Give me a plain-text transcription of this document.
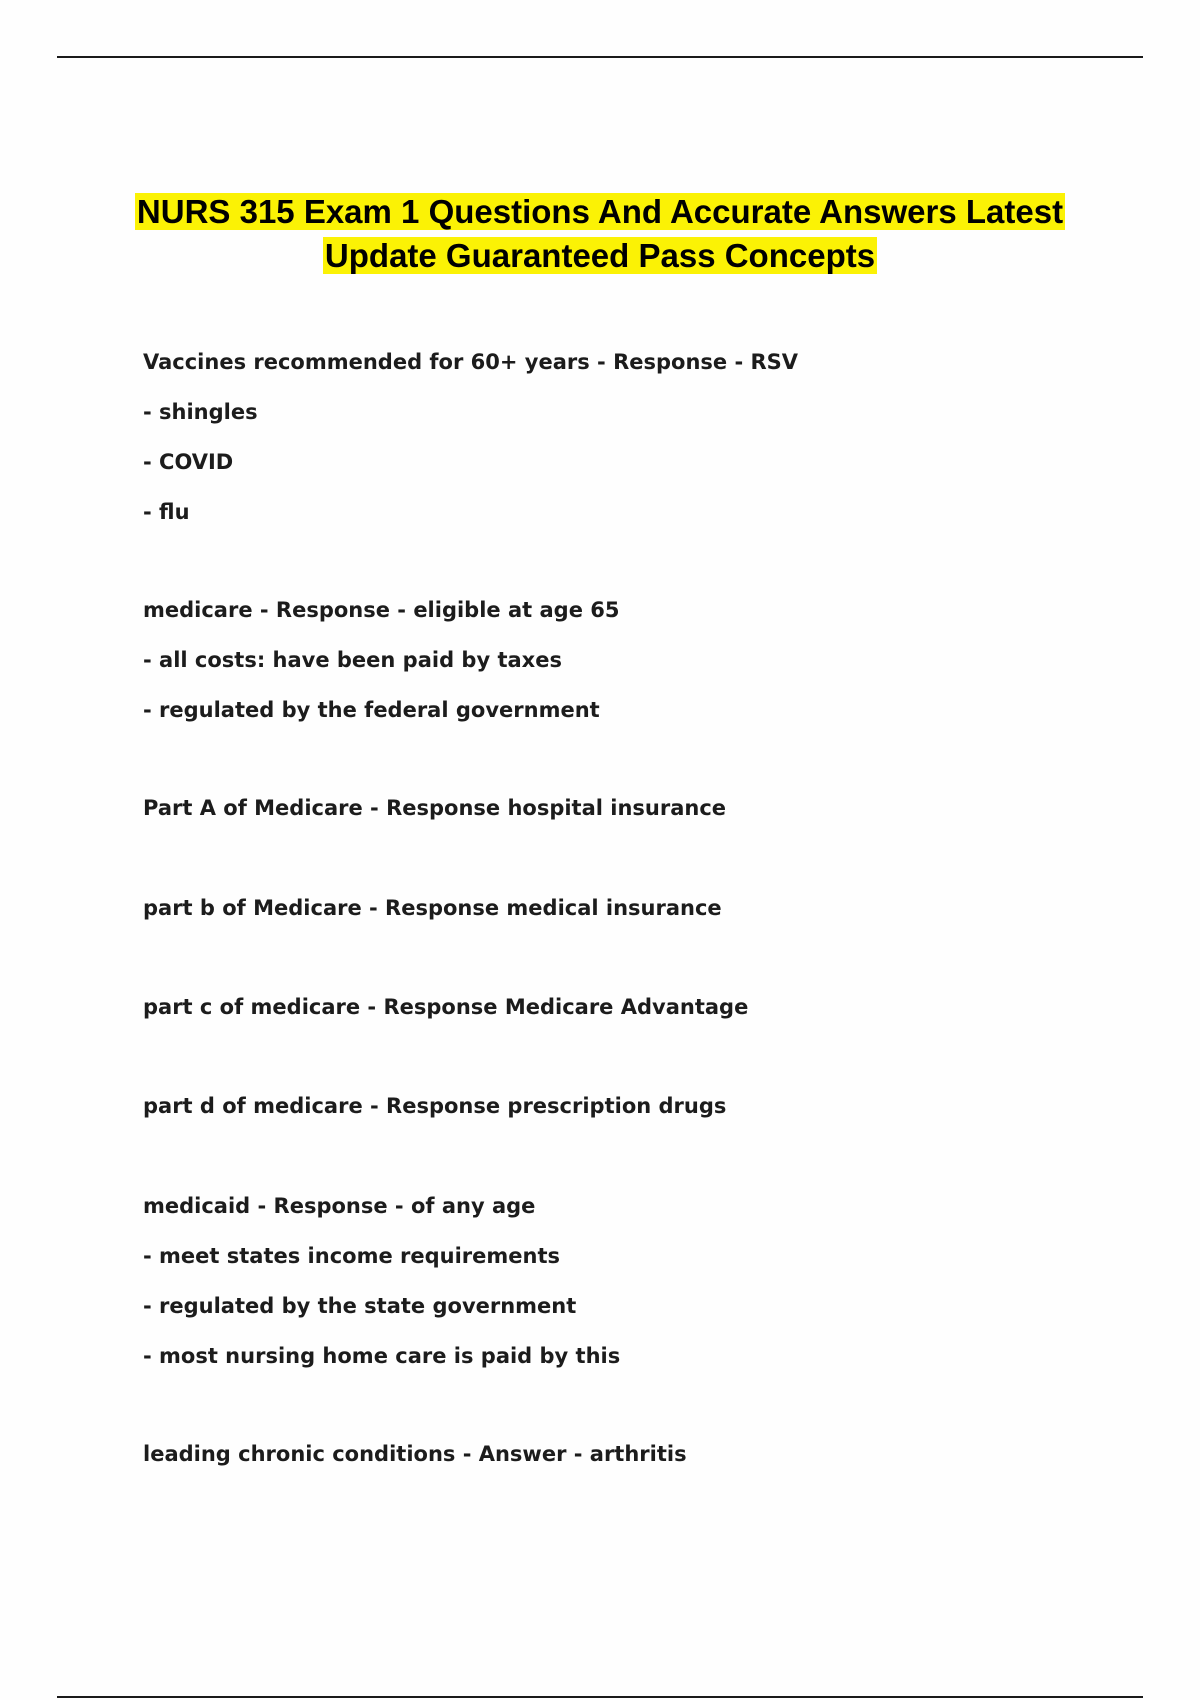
NURS 315 Exam 1 Questions And Accurate Answers Latest
Update Guaranteed Pass Concepts
Vaccines recommended for 60+ years - Response - RSV
- shingles
- COVID
- flu
medicare - Response - eligible at age 65
- all costs: have been paid by taxes
- regulated by the federal government
Part A of Medicare - Response hospital insurance
part b of Medicare - Response medical insurance
part c of medicare - Response Medicare Advantage
part d of medicare - Response prescription drugs
medicaid - Response - of any age
- meet states income requirements
- regulated by the state government
- most nursing home care is paid by this
leading chronic conditions - Answer - arthritis
